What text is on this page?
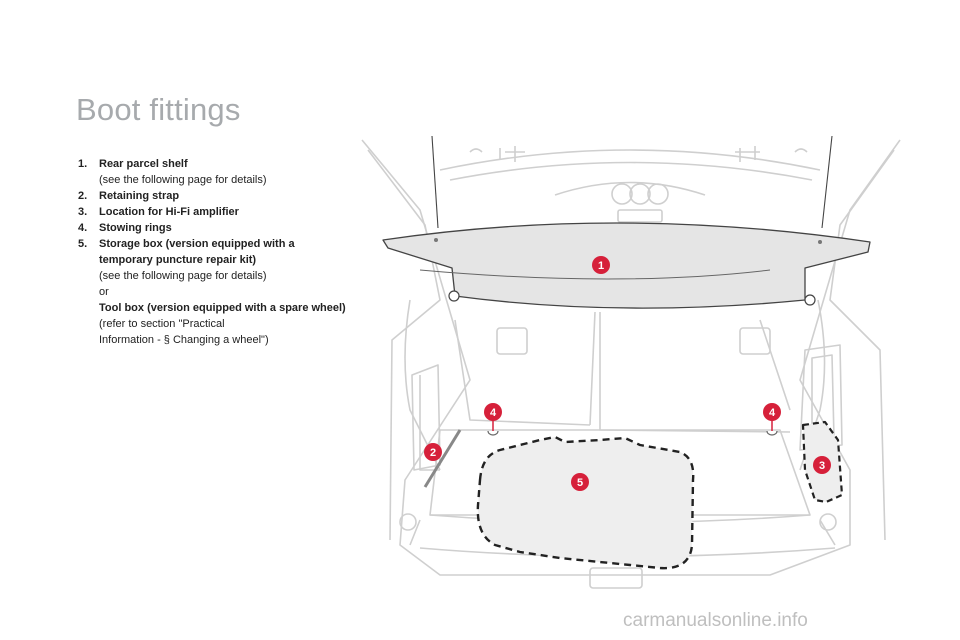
Boot fittings
1.	Rear parcel shelf
(see the following page for details)
2.	Retaining strap
3.	Location for Hi-Fi amplifier
4.	Stowing rings
5.	Storage box (version equipped with a temporary puncture repair kit)
(see the following page for details)
or
Tool box (version equipped with a spare wheel)
(refer to section "Practical
Information - § Changing a wheel")
1
2
3
4	4
5
carmanualsonline.info
